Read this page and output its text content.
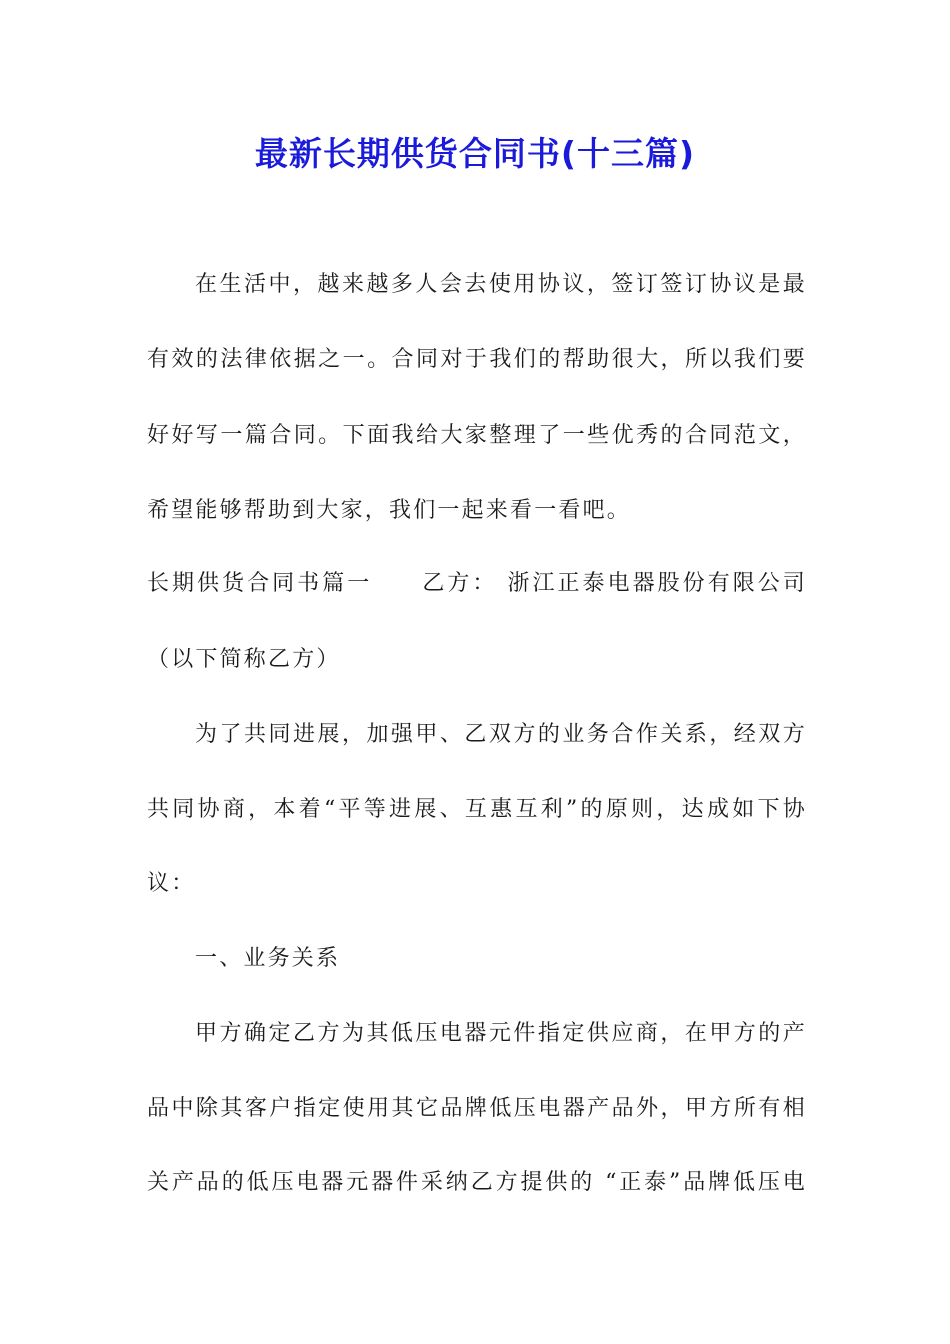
最新长期供货合同书(十三篇)
在生活中，越来越多人会去使用协议，签订签订协议是最
有效的法律依据之一。合同对于我们的帮助很大，所以我们要
好好写一篇合同。下面我给大家整理了一些优秀的合同范文，
希望能够帮助到大家，我们一起来看一看吧。
长期供货合同书篇一　　乙方： 浙江正泰电器股份有限公司
（以下简称乙方）
为了共同进展，加强甲、乙双方的业务合作关系，经双方
共同协商，本着“平等进展、互惠互利”的原则，达成如下协
议：
一、业务关系
甲方确定乙方为其低压电器元件指定供应商，在甲方的产
品中除其客户指定使用其它品牌低压电器产品外，甲方所有相
关产品的低压电器元器件采纳乙方提供的 “正泰”品牌低压电
